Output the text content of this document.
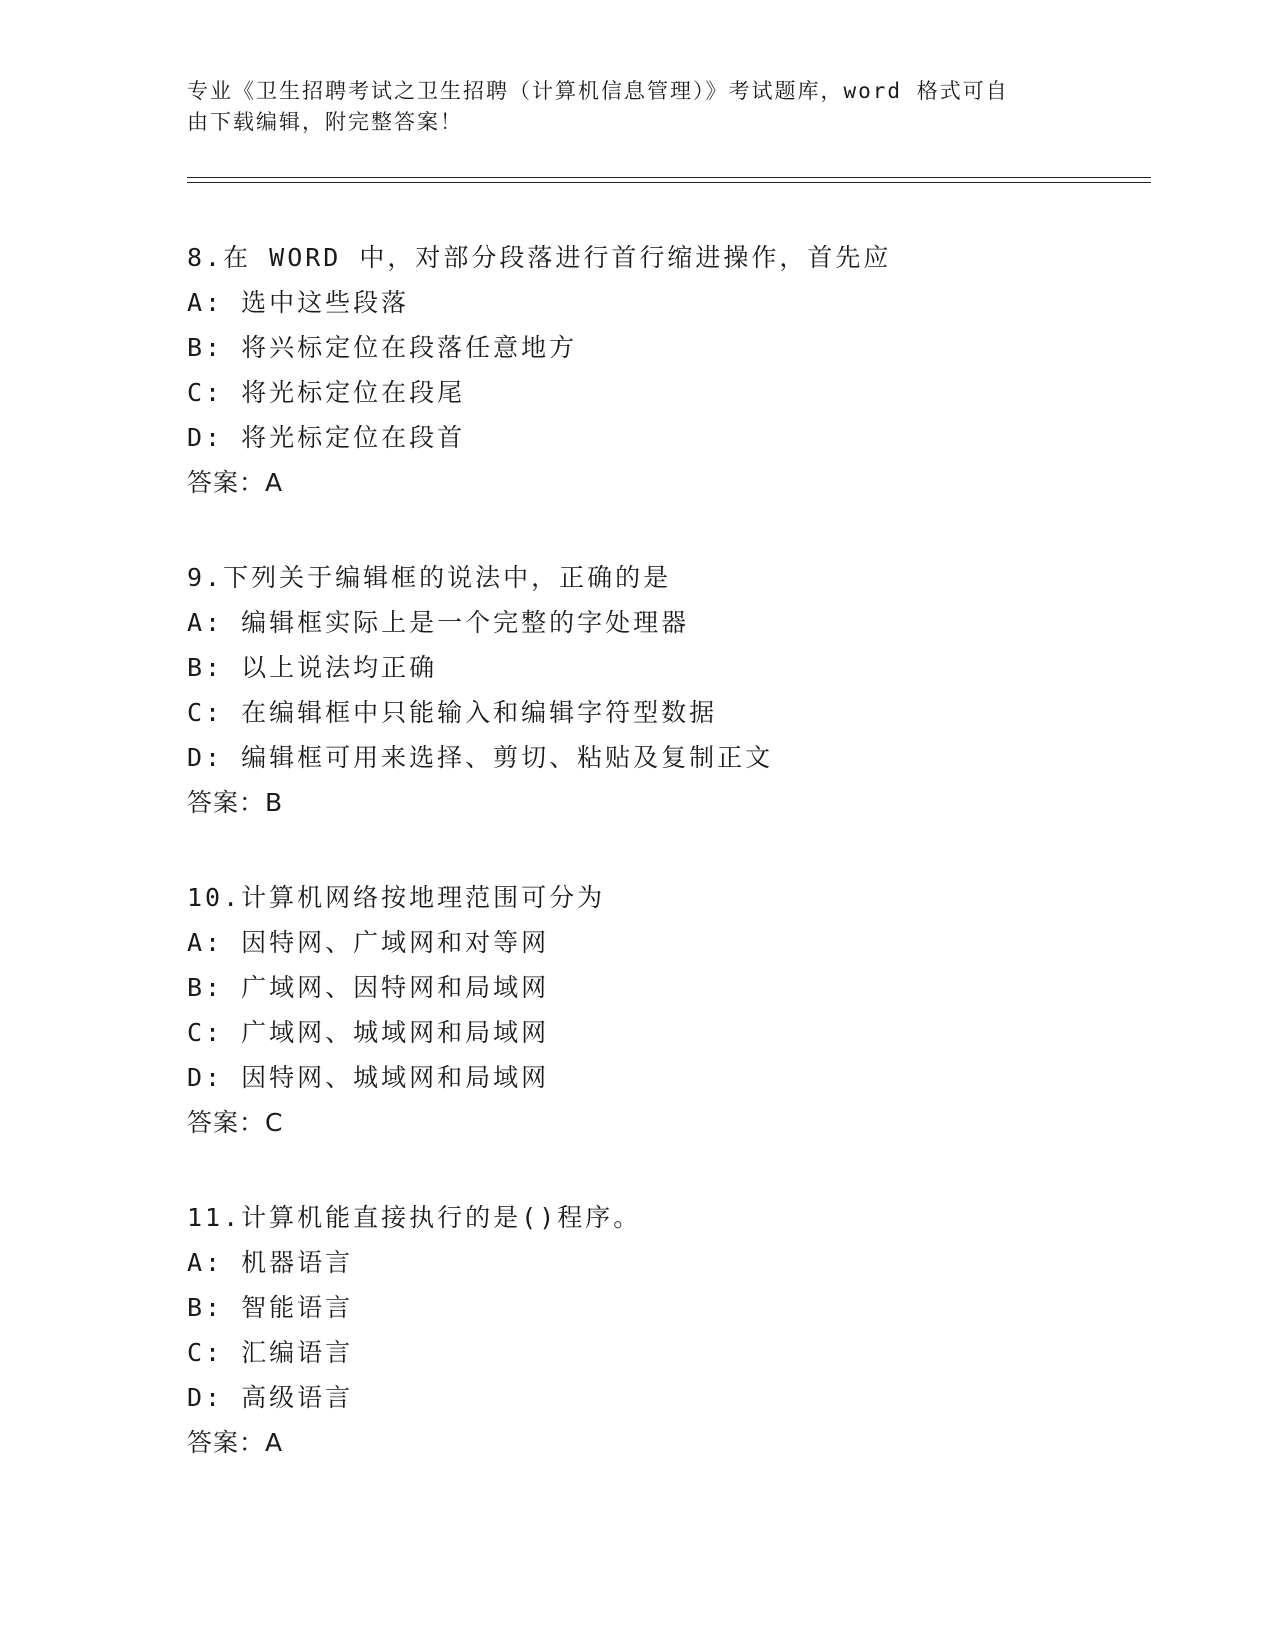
专业《卫生招聘考试之卫生招聘（计算机信息管理）》考试题库，word 格式可自
由下载编辑，附完整答案！
8.在 WORD 中，对部分段落进行首行缩进操作，首先应
A: 选中这些段落
B: 将兴标定位在段落任意地方
C: 将光标定位在段尾
D: 将光标定位在段首
答案：A
9.下列关于编辑框的说法中，正确的是
A: 编辑框实际上是一个完整的字处理器
B: 以上说法均正确
C: 在编辑框中只能输入和编辑字符型数据
D: 编辑框可用来选择、剪切、粘贴及复制正文
答案：B
10.计算机网络按地理范围可分为
A: 因特网、广域网和对等网
B: 广域网、因特网和局域网
C: 广域网、城域网和局域网
D: 因特网、城域网和局域网
答案：C
11.计算机能直接执行的是()程序。
A: 机器语言
B: 智能语言
C: 汇编语言
D: 高级语言
答案：A
